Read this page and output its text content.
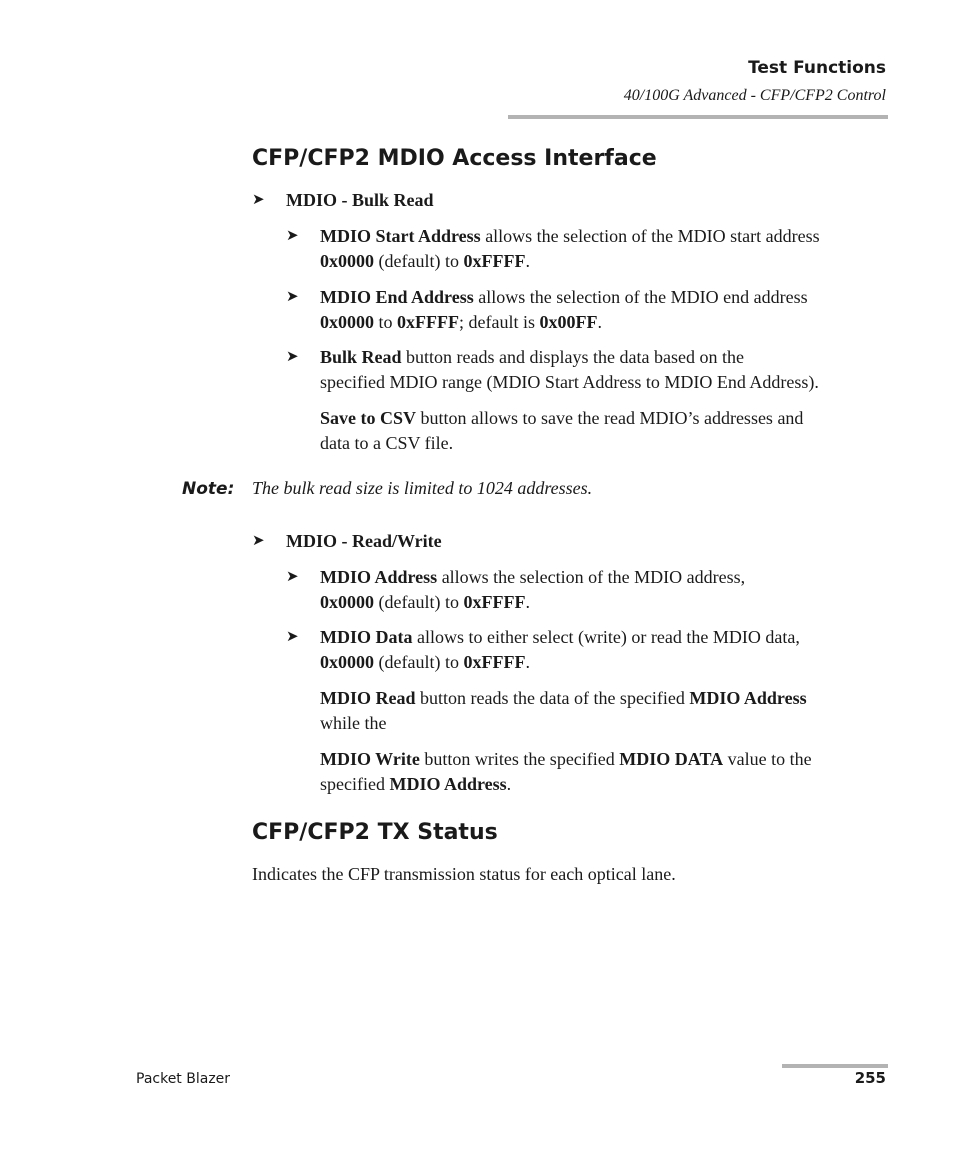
Test Functions
40/100G Advanced - CFP/CFP2 Control
CFP/CFP2 MDIO Access Interface
➤ MDIO - Bulk Read
➤ MDIO Start Address allows the selection of the MDIO start address
0x0000 (default) to 0xFFFF.
➤ MDIO End Address allows the selection of the MDIO end address
0x0000 to 0xFFFF; default is 0x00FF.
➤ Bulk Read button reads and displays the data based on the
specified MDIO range (MDIO Start Address to MDIO End Address).
Save to CSV button allows to save the read MDIO’s addresses and
data to a CSV file.
Note: The bulk read size is limited to 1024 addresses.
➤ MDIO - Read/Write
➤ MDIO Address allows the selection of the MDIO address,
0x0000 (default) to 0xFFFF.
➤ MDIO Data allows to either select (write) or read the MDIO data,
0x0000 (default) to 0xFFFF.
MDIO Read button reads the data of the specified MDIO Address
while the
MDIO Write button writes the specified MDIO DATA value to the
specified MDIO Address.
CFP/CFP2 TX Status
Indicates the CFP transmission status for each optical lane.
Packet Blazer	255
